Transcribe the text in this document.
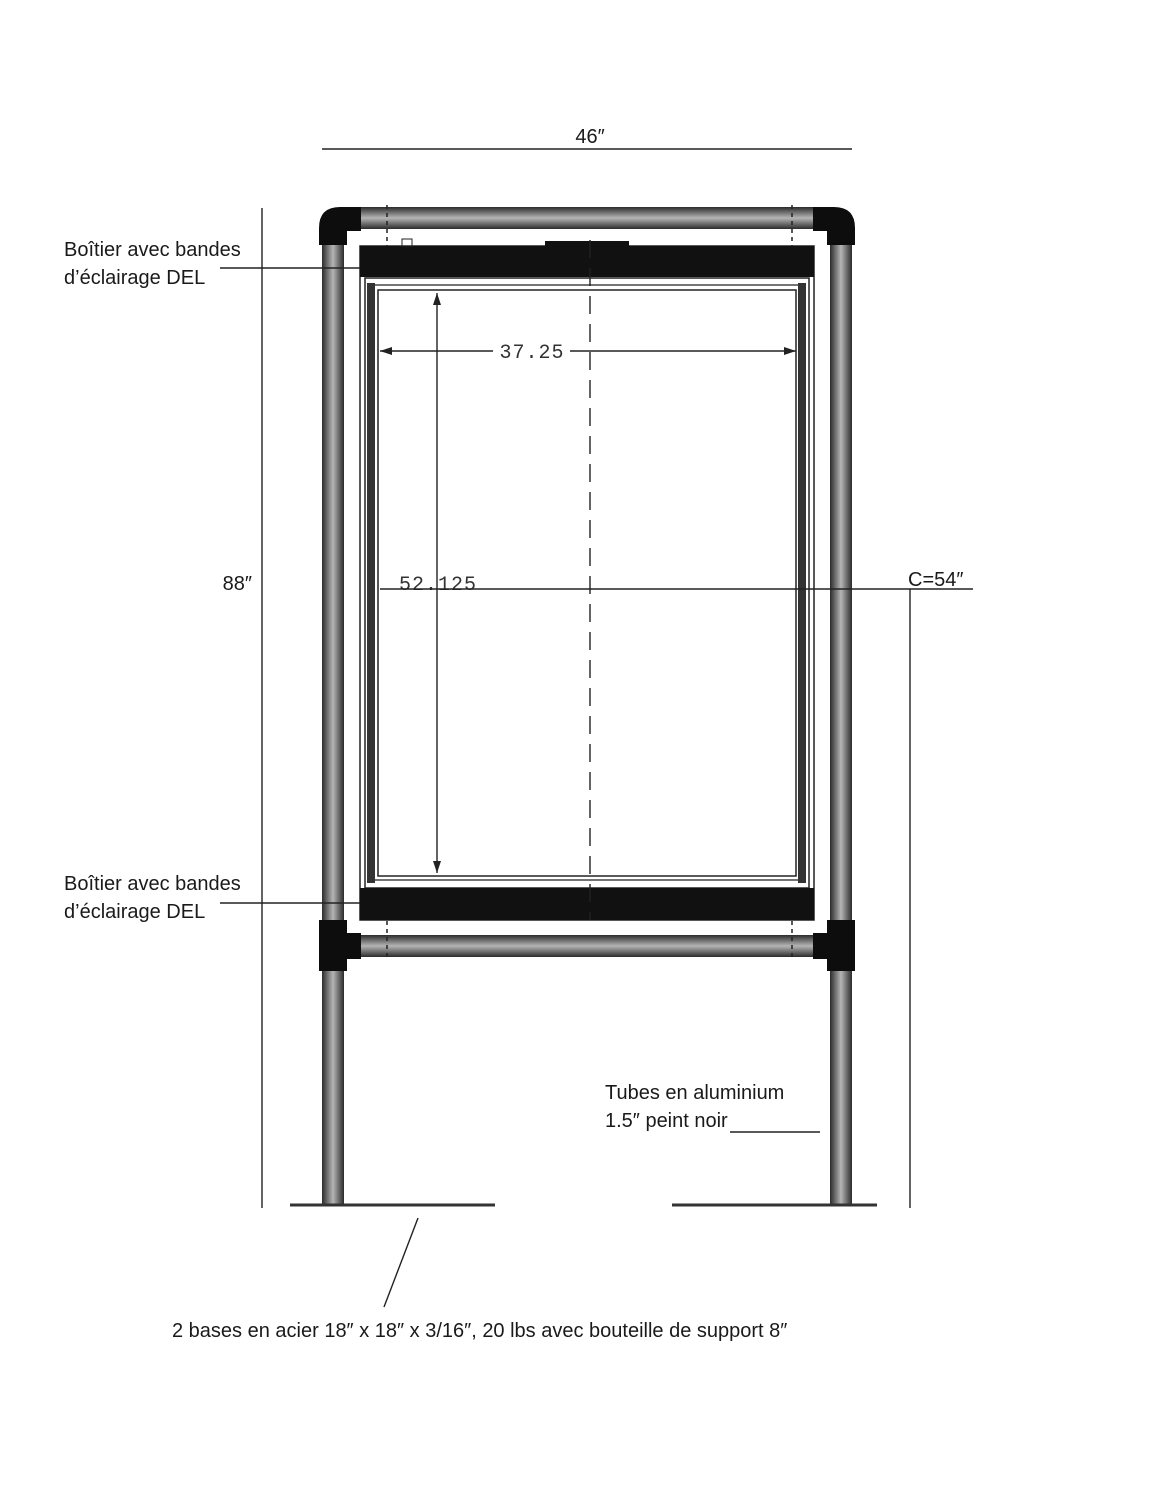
46″
88″
37.25
52.125	C=54″
Boîtier avec bandes
d’éclairage DEL
Boîtier avec bandes
d’éclairage DEL
Tubes en aluminium
1.5″ peint noir
2 bases en acier 18″ x 18″ x 3/16″, 20 lbs avec bouteille de support 8″
